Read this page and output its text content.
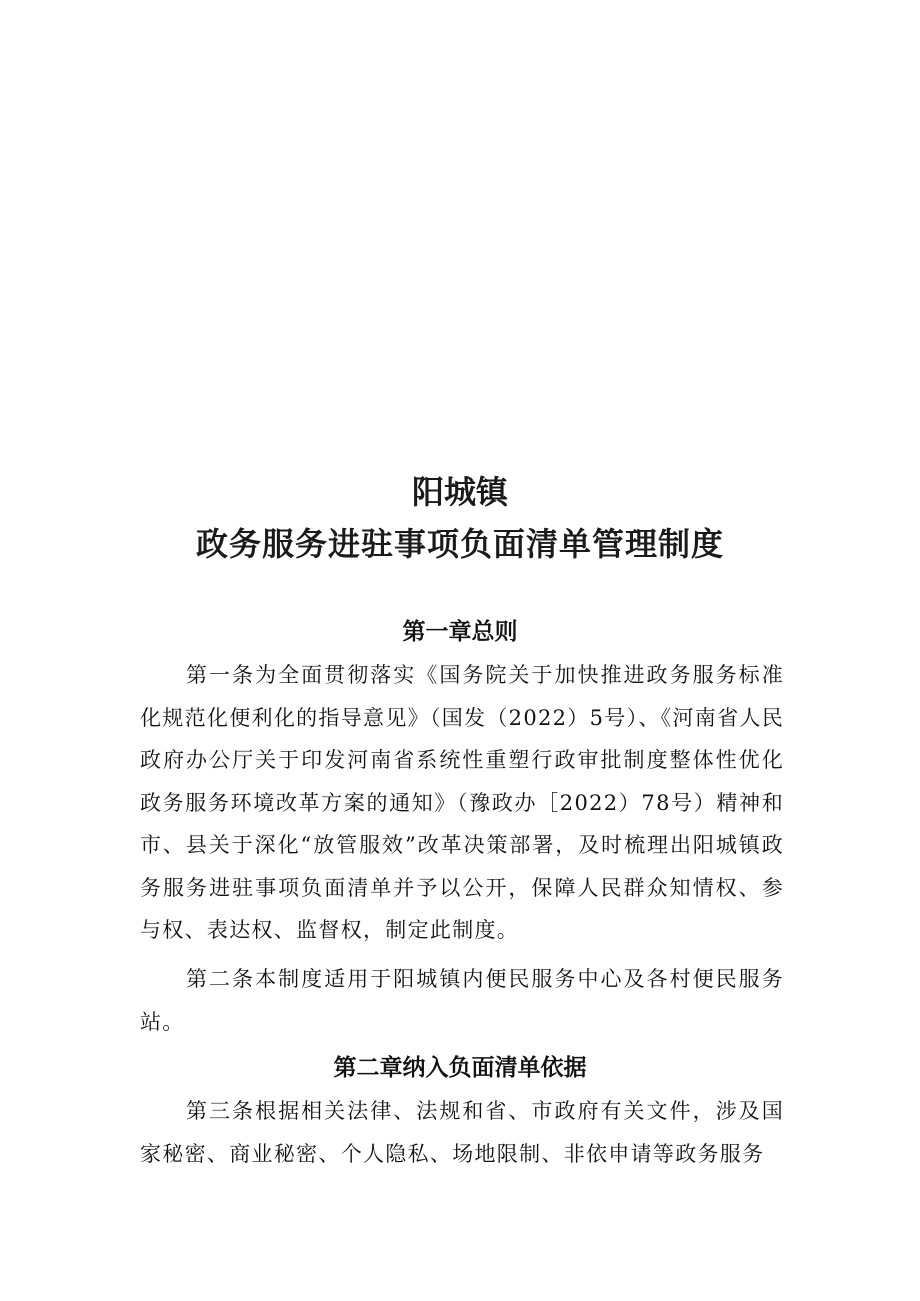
阳城镇
政务服务进驻事项负面清单管理制度
第一章总则

第一条为全面贯彻落实《国务院关于加快推进政务服务标准化规范化便利化的指导意见》（国发（2022）5号）、《河南省人民政府办公厅关于印发河南省系统性重塑行政审批制度整体性优化政务服务环境改革方案的通知》（豫政办［2022）78号）精神和市、县关于深化“放管服效”改革决策部署，及时梳理出阳城镇政务服务进驻事项负面清单并予以公开，保障人民群众知情权、参与权、表达权、监督权，制定此制度。

第二条本制度适用于阳城镇内便民服务中心及各村便民服务站。

第二章纳入负面清单依据

第三条根据相关法律、法规和省、市政府有关文件，涉及国家秘密、商业秘密、个人隐私、场地限制、非依申请等政务服务
